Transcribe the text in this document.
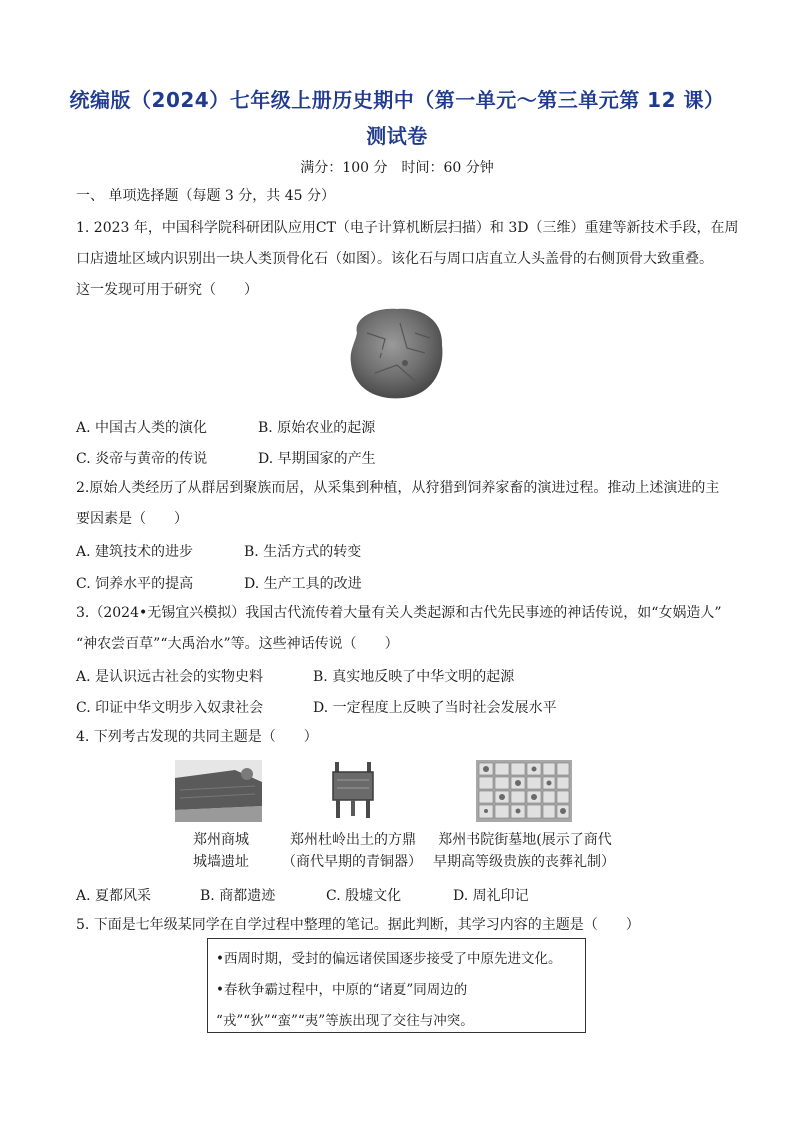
统编版（2024）七年级上册历史期中（第一单元～第三单元第 12 课）
测试卷
满分：100 分　时间：60 分钟
一、 单项选择题（每题 3 分，共 45 分）
1. 2023 年，中国科学院科研团队应用CT（电子计算机断层扫描）和 3D（三维）重建等新技术手段，在周
口店遗址区域内识别出一块人类顶骨化石（如图）。该化石与周口店直立人头盖骨的右侧顶骨大致重叠。
这一发现可用于研究（　　）
A. 中国古人类的演化	B. 原始农业的起源
C. 炎帝与黄帝的传说	D. 早期国家的产生
2.原始人类经历了从群居到聚族而居，从采集到种植，从狩猎到饲养家畜的演进过程。推动上述演进的主
要因素是（　　）
A. 建筑技术的进步	B. 生活方式的转变
C. 饲养水平的提高	D. 生产工具的改进
3.（2024•无锡宜兴模拟）我国古代流传着大量有关人类起源和古代先民事迹的神话传说，如“女娲造人”
“神农尝百草”“大禹治水”等。这些神话传说（　　）
A. 是认识远古社会的实物史料	B. 真实地反映了中华文明的起源
C. 印证中华文明步入奴隶社会	D. 一定程度上反映了当时社会发展水平
4. 下列考古发现的共同主题是（　　）
郑州商城
城墙遗址
郑州杜岭出土的方鼎
（商代早期的青铜器）
郑州书院街墓地(展示了商代
早期高等级贵族的丧葬礼制）
A. 夏都风采	B. 商都遗迹	C. 殷墟文化	D. 周礼印记
5. 下面是七年级某同学在自学过程中整理的笔记。据此判断，其学习内容的主题是（　　）
•西周时期，受封的偏远诸侯国逐步接受了中原先进文化。
•春秋争霸过程中，中原的“诸夏”同周边的
“戎”“狄”“蛮”“夷”等族出现了交往与冲突。
